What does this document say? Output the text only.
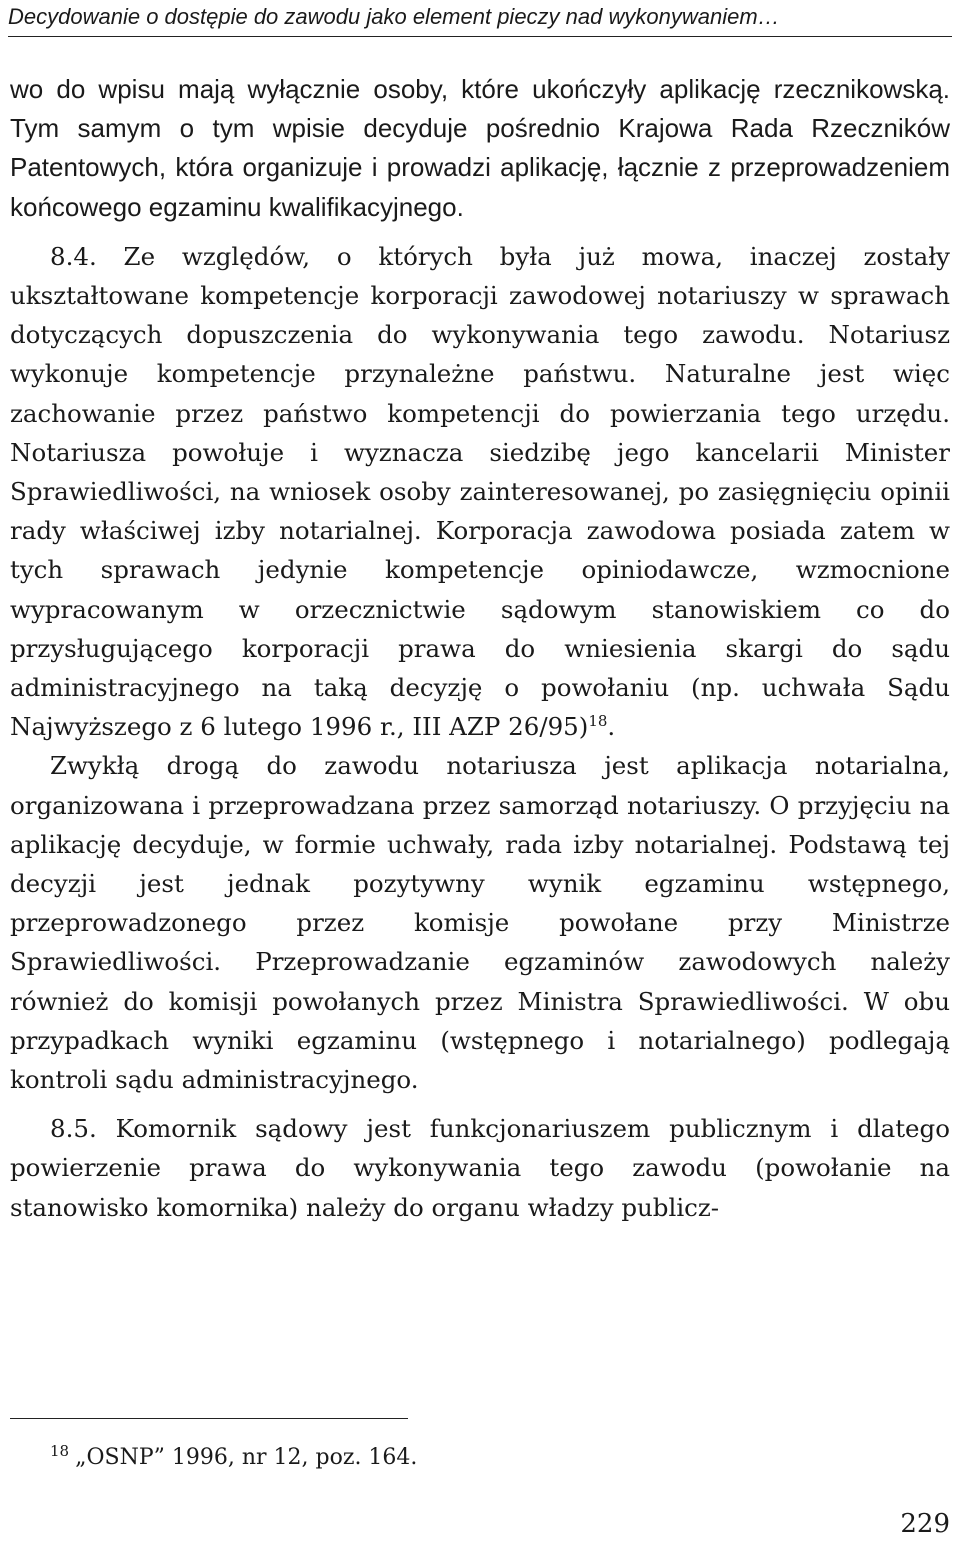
Decydowanie o dostępie do zawodu jako element pieczy nad wykonywaniem…

wo do wpisu mają wyłącznie osoby, które ukończyły aplikację rzecznikowską. Tym samym o tym wpisie decyduje pośrednio Krajowa Rada Rzeczników Patentowych, która organizuje i prowadzi aplikację, łącznie z przeprowadzeniem końcowego egzaminu kwalifikacyjnego.

8.4. Ze względów, o których była już mowa, inaczej zostały ukształtowane kompetencje korporacji zawodowej notariuszy w sprawach dotyczących dopuszczenia do wykonywania tego zawodu. Notariusz wykonuje kompetencje przynależne państwu. Naturalne jest więc zachowanie przez państwo kompetencji do powierzania tego urzędu. Notariusza powołuje i wyznacza siedzibę jego kancelarii Minister Sprawiedliwości, na wniosek osoby zainteresowanej, po zasięgnięciu opinii rady właściwej izby notarialnej. Korporacja zawodowa posiada zatem w tych sprawach jedynie kompetencje opiniodawcze, wzmocnione wypracowanym w orzecznictwie sądowym stanowiskiem co do przysługującego korporacji prawa do wniesienia skargi do sądu administracyjnego na taką decyzję o powołaniu (np. uchwała Sądu Najwyższego z 6 lutego 1996 r., III AZP 26/95)$^{18}$.

Zwykłą drogą do zawodu notariusza jest aplikacja notarialna, organizowana i przeprowadzana przez samorząd notariuszy. O przyjęciu na aplikację decyduje, w formie uchwały, rada izby notarialnej. Podstawą tej decyzji jest jednak pozytywny wynik egzaminu wstępnego, przeprowadzonego przez komisje powołane przy Ministrze Sprawiedliwości. Przeprowadzanie egzaminów zawodowych należy również do komisji powołanych przez Ministra Sprawiedliwości. W obu przypadkach wyniki egzaminu (wstępnego i notarialnego) podlegają kontroli sądu administracyjnego.

8.5. Komornik sądowy jest funkcjonariuszem publicznym i dlatego powierzenie prawa do wykonywania tego zawodu (powołanie na stanowisko komornika) należy do organu władzy publicz-

$^{18}$ „OSNP” 1996, nr 12, poz. 164.
229
